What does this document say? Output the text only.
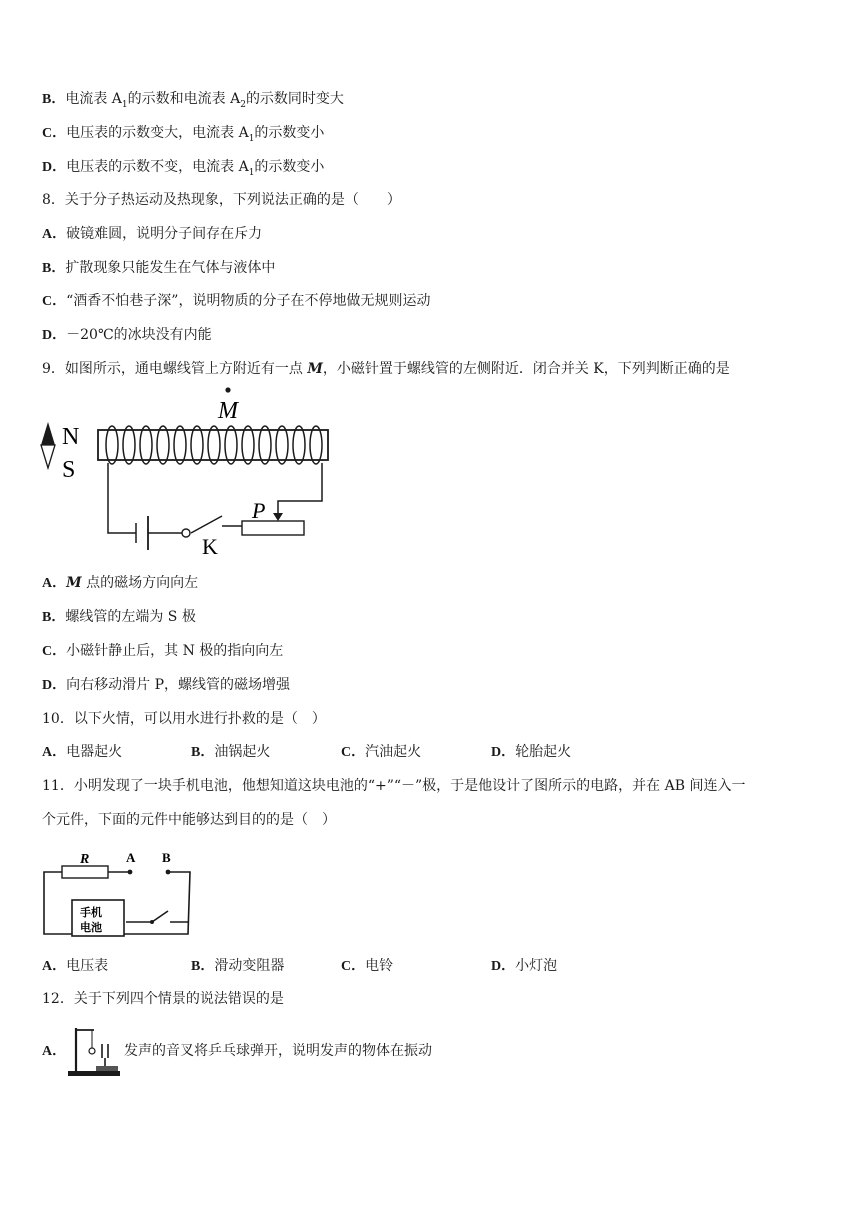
B．电流表 $A_1$的示数和电流表 $A_2$的示数同时变大
C．电压表的示数变大，电流表 $A_1$的示数变小
D．电压表的示数不变，电流表 $A_1$的示数变小
8．关于分子热运动及热现象，下列说法正确的是（　　）
A．破镜难圆，说明分子间存在斥力
B．扩散现象只能发生在气体与液体中
C．“酒香不怕巷子深”，说明物质的分子在不停地做无规则运动
D．－20℃的冰块没有内能
9．如图所示，通电螺线管上方附近有一点 M，小磁针置于螺线管的左侧附近．闭合并关 K，下列判断正确的是
N
S
M
K
P
A．M 点的磁场方向向左
B．螺线管的左端为 S 极
C．小磁针静止后，其 N 极的指向向左
D．向右移动滑片 P，螺线管的磁场增强
10．以下火情，可以用水进行扑救的是（　）
A．电器起火	B．油锅起火	C．汽油起火	D．轮胎起火
11．小明发现了一块手机电池，他想知道这块电池的“+”“－”极，于是他设计了图所示的电路，并在 AB 间连入一
个元件，下面的元件中能够达到目的的是（　）
R	A B
手机
电池
A．电压表	B．滑动变阻器	C．电铃	D．小灯泡
12．关于下列四个情景的说法错误的是
A．	发声的音叉将乒乓球弹开，说明发声的物体在振动
